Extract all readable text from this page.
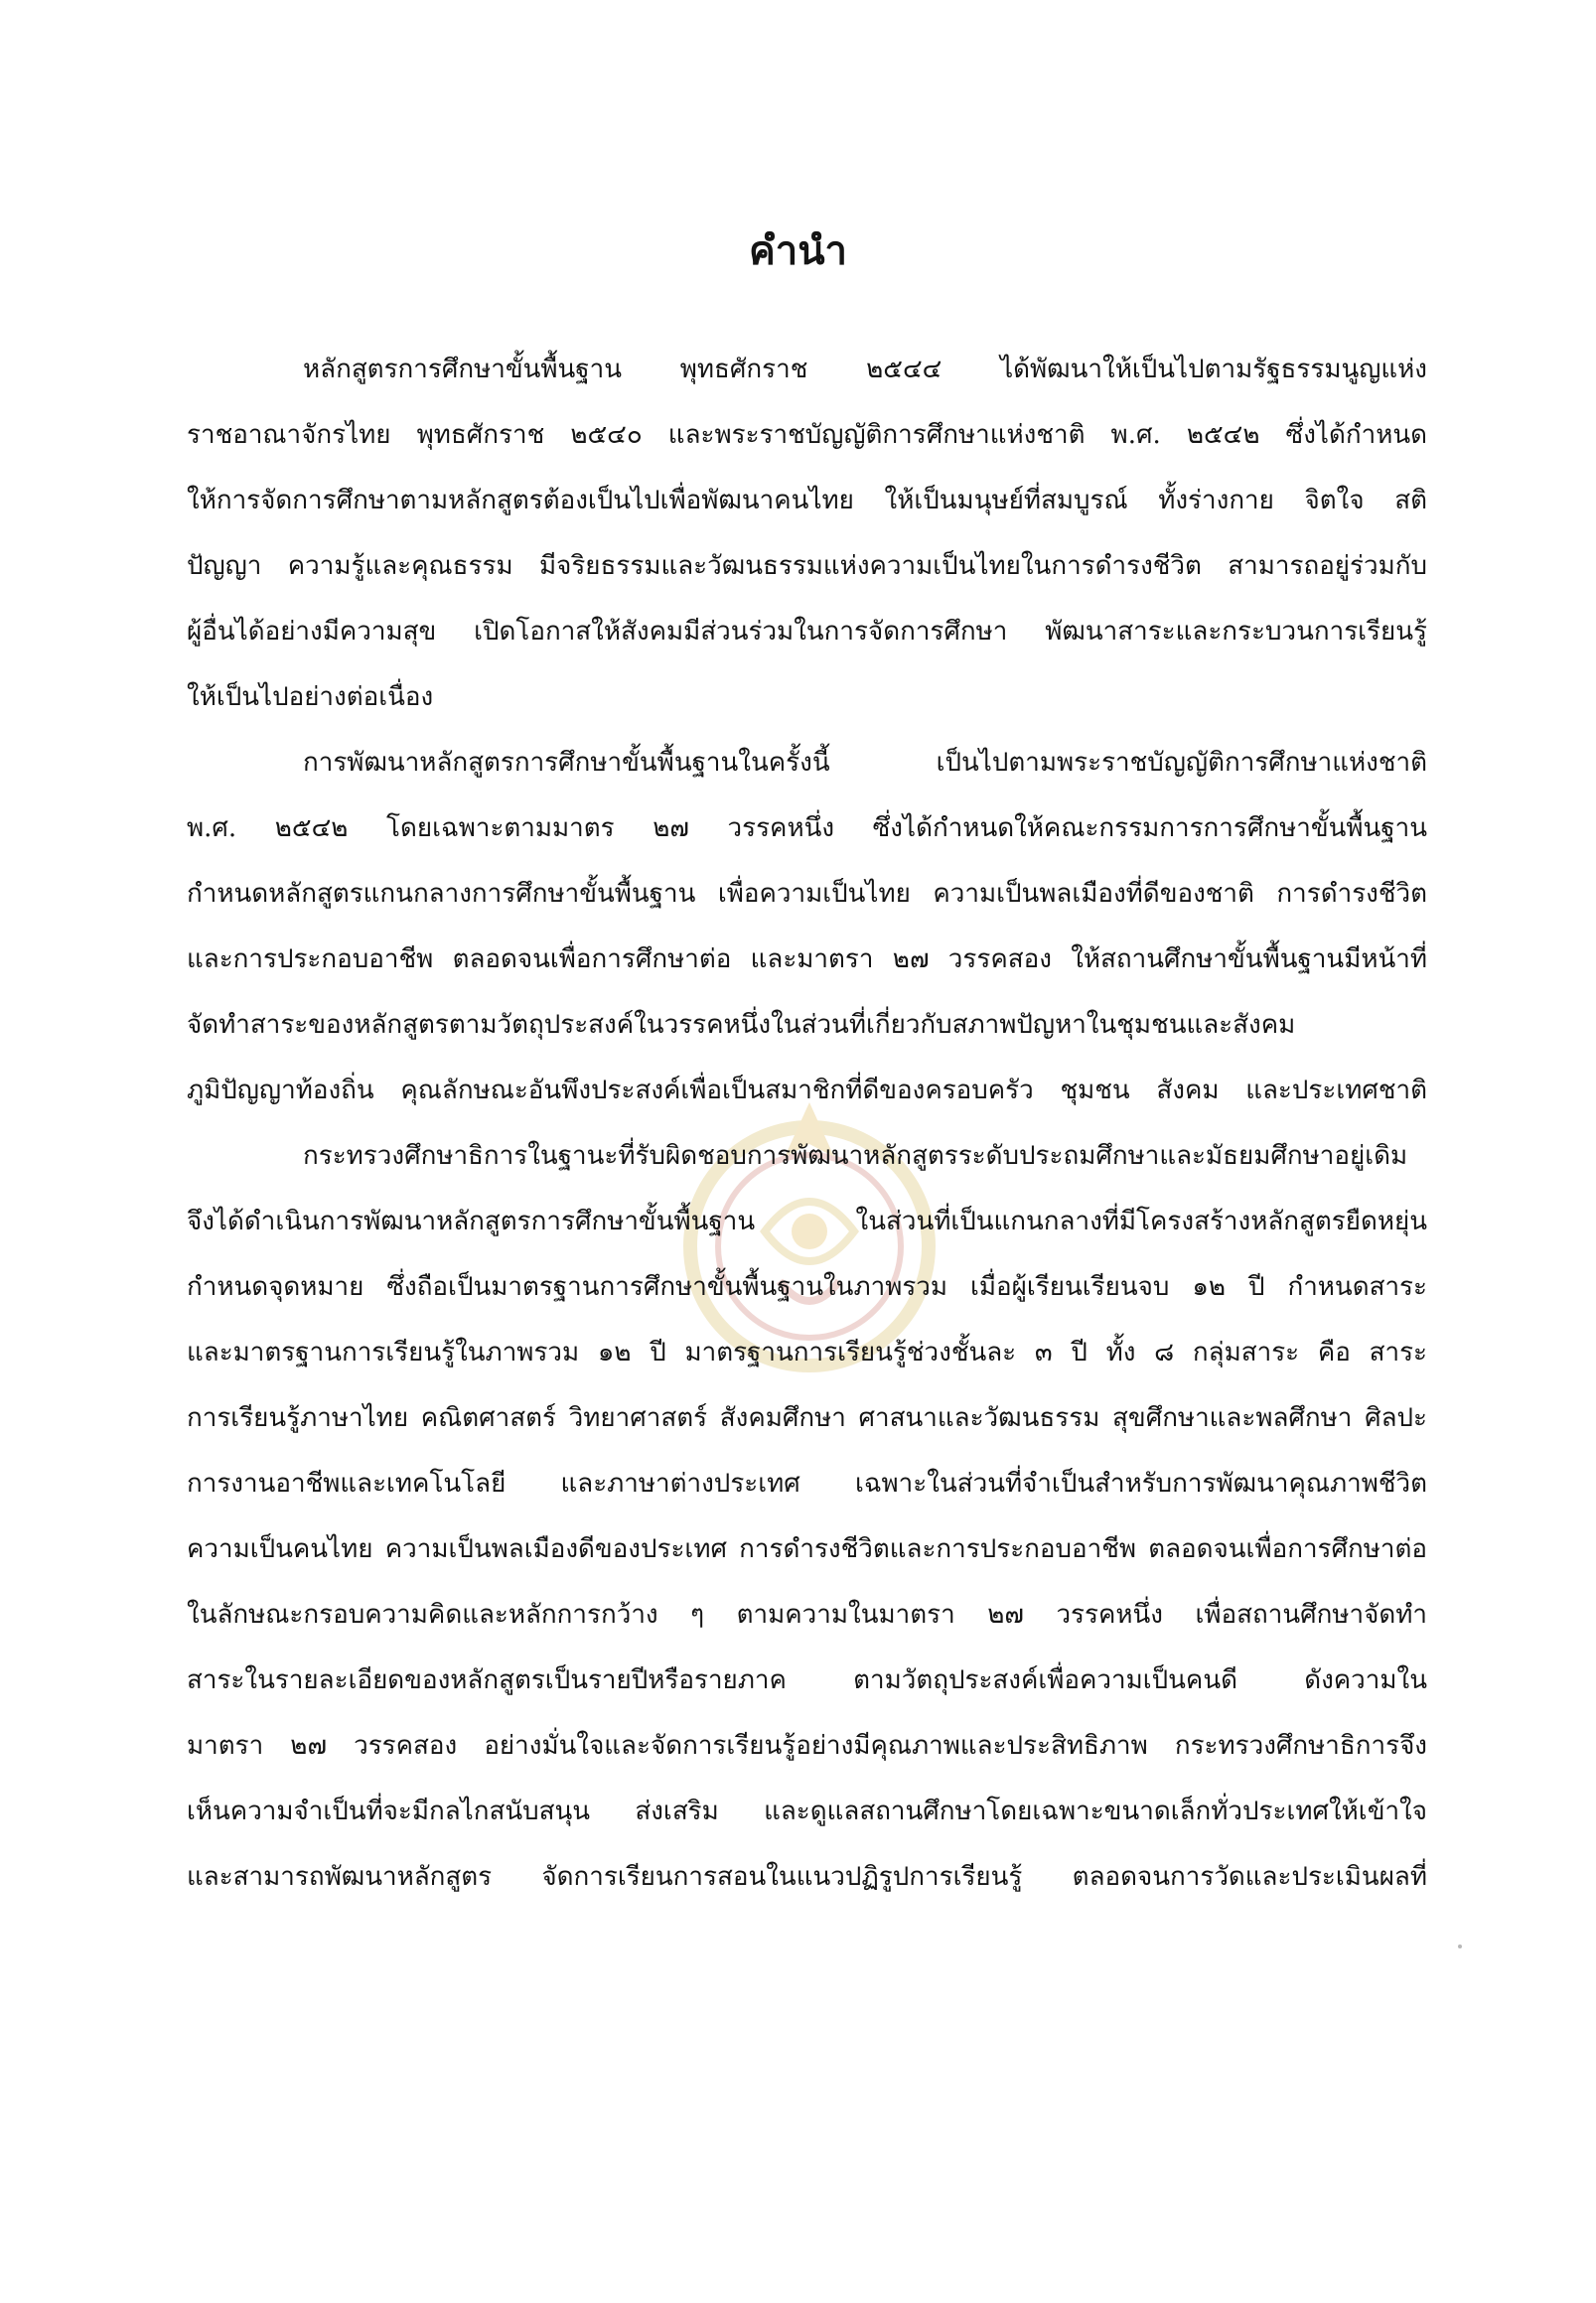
คำนำ
หลักสูตรการศึกษาขั้นพื้นฐาน พุทธศักราช ๒๕๔๔ ได้พัฒนาให้เป็นไปตามรัฐธรรมนูญแห่ง
ราชอาณาจักรไทย พุทธศักราช ๒๕๔๐ และพระราชบัญญัติการศึกษาแห่งชาติ พ.ศ. ๒๕๔๒ ซึ่งได้กำหนด
ให้การจัดการศึกษาตามหลักสูตรต้องเป็นไปเพื่อพัฒนาคนไทย ให้เป็นมนุษย์ที่สมบูรณ์ ทั้งร่างกาย จิตใจ สติ
ปัญญา ความรู้และคุณธรรม มีจริยธรรมและวัฒนธรรมแห่งความเป็นไทยในการดำรงชีวิต สามารถอยู่ร่วมกับ
ผู้อื่นได้อย่างมีความสุข เปิดโอกาสให้สังคมมีส่วนร่วมในการจัดการศึกษา พัฒนาสาระและกระบวนการเรียนรู้
ให้เป็นไปอย่างต่อเนื่อง
การพัฒนาหลักสูตรการศึกษาขั้นพื้นฐานในครั้งนี้ เป็นไปตามพระราชบัญญัติการศึกษาแห่งชาติ
พ.ศ. ๒๕๔๒ โดยเฉพาะตามมาตร ๒๗ วรรคหนึ่ง ซึ่งได้กำหนดให้คณะกรรมการการศึกษาขั้นพื้นฐาน
กำหนดหลักสูตรแกนกลางการศึกษาขั้นพื้นฐาน เพื่อความเป็นไทย ความเป็นพลเมืองที่ดีของชาติ การดำรงชีวิต
และการประกอบอาชีพ ตลอดจนเพื่อการศึกษาต่อ และมาตรา ๒๗ วรรคสอง ให้สถานศึกษาขั้นพื้นฐานมีหน้าที่
จัดทำสาระของหลักสูตรตามวัตถุประสงค์ในวรรคหนึ่งในส่วนที่เกี่ยวกับสภาพปัญหาในชุมชนและสังคม
ภูมิปัญญาท้องถิ่น คุณลักษณะอันพึงประสงค์เพื่อเป็นสมาชิกที่ดีของครอบครัว ชุมชน สังคม และประเทศชาติ
กระทรวงศึกษาธิการในฐานะที่รับผิดชอบการพัฒนาหลักสูตรระดับประถมศึกษาและมัธยมศึกษาอยู่เดิม
จึงได้ดำเนินการพัฒนาหลักสูตรการศึกษาขั้นพื้นฐาน ในส่วนที่เป็นแกนกลางที่มีโครงสร้างหลักสูตรยืดหยุ่น
กำหนดจุดหมาย ซึ่งถือเป็นมาตรฐานการศึกษาขั้นพื้นฐานในภาพรวม เมื่อผู้เรียนเรียนจบ ๑๒ ปี กำหนดสาระ
และมาตรฐานการเรียนรู้ในภาพรวม ๑๒ ปี มาตรฐานการเรียนรู้ช่วงชั้นละ ๓ ปี ทั้ง ๘ กลุ่มสาระ คือ สาระ
การเรียนรู้ภาษาไทย คณิตศาสตร์ วิทยาศาสตร์ สังคมศึกษา ศาสนาและวัฒนธรรม สุขศึกษาและพลศึกษา ศิลปะ
การงานอาชีพและเทคโนโลยี และภาษาต่างประเทศ เฉพาะในส่วนที่จำเป็นสำหรับการพัฒนาคุณภาพชีวิต
ความเป็นคนไทย ความเป็นพลเมืองดีของประเทศ การดำรงชีวิตและการประกอบอาชีพ ตลอดจนเพื่อการศึกษาต่อ
ในลักษณะกรอบความคิดและหลักการกว้าง ๆ ตามความในมาตรา ๒๗ วรรคหนึ่ง เพื่อสถานศึกษาจัดทำ
สาระในรายละเอียดของหลักสูตรเป็นรายปีหรือรายภาค ตามวัตถุประสงค์เพื่อความเป็นคนดี ดังความใน
มาตรา ๒๗ วรรคสอง อย่างมั่นใจและจัดการเรียนรู้อย่างมีคุณภาพและประสิทธิภาพ กระทรวงศึกษาธิการจึง
เห็นความจำเป็นที่จะมีกลไกสนับสนุน ส่งเสริม และดูแลสถานศึกษาโดยเฉพาะขนาดเล็กทั่วประเทศให้เข้าใจ
และสามารถพัฒนาหลักสูตร จัดการเรียนการสอนในแนวปฏิรูปการเรียนรู้ ตลอดจนการวัดและประเมินผลที่
